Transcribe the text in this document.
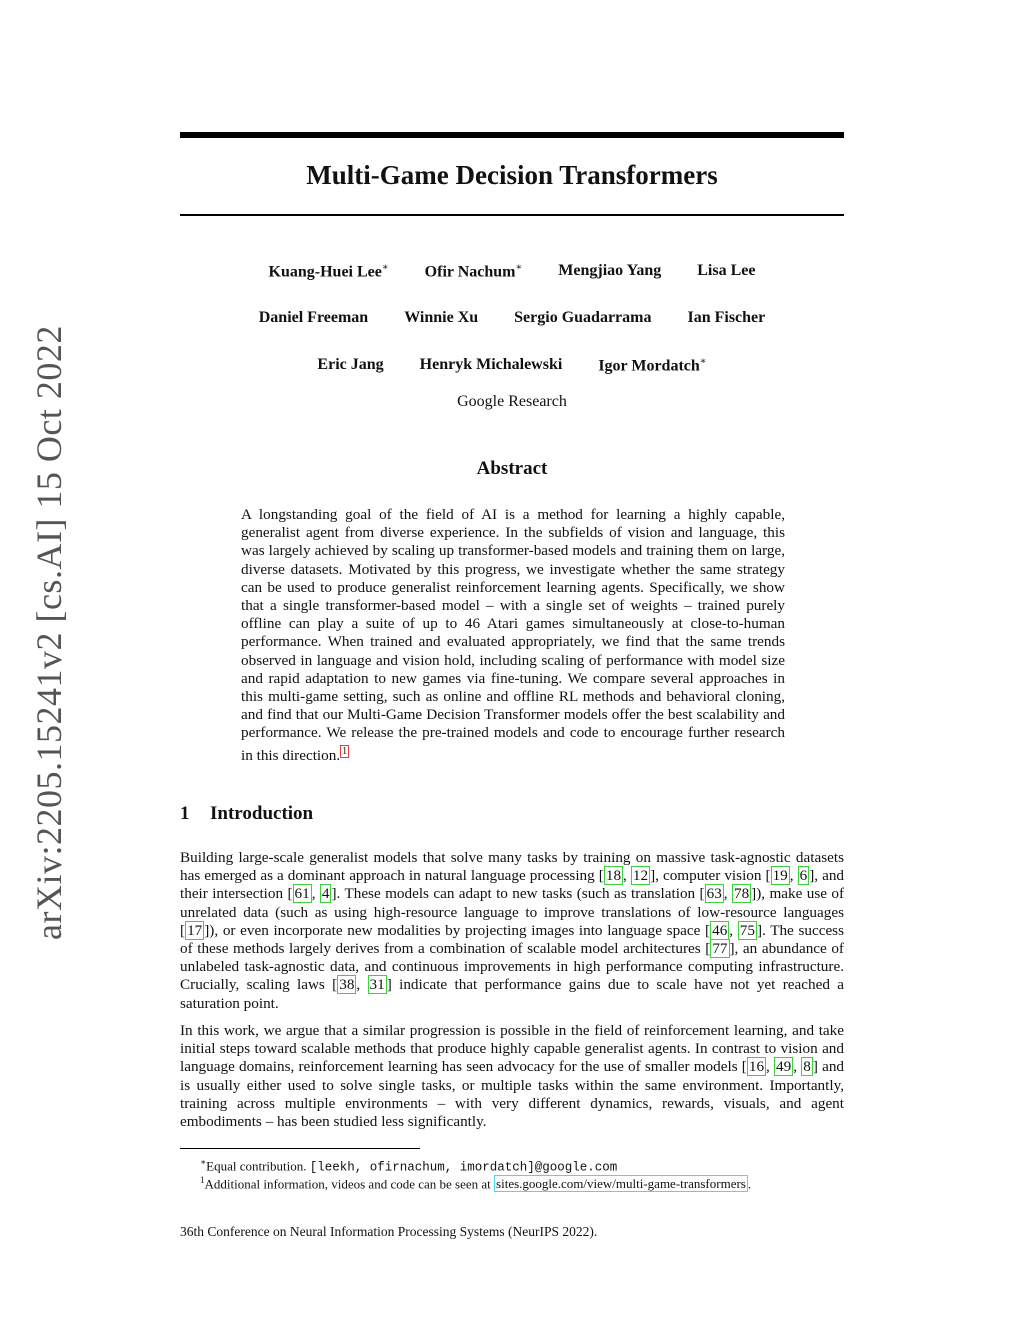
arXiv:2205.15241v2 [cs.AI] 15 Oct 2022
Multi-Game Decision Transformers
Kuang-Huei Lee∗ Ofir Nachum∗ Mengjiao Yang Lisa Lee
Daniel Freeman Winnie Xu Sergio Guadarrama Ian Fischer
Eric Jang Henryk Michalewski Igor Mordatch∗
Google Research
Abstract

A longstanding goal of the field of AI is a method for learning a highly capable, generalist agent from diverse experience. In the subfields of vision and language, this was largely achieved by scaling up transformer-based models and training them on large, diverse datasets. Motivated by this progress, we investigate whether the same strategy can be used to produce generalist reinforcement learning agents. Specifically, we show that a single transformer-based model – with a single set of weights – trained purely offline can play a suite of up to 46 Atari games simultaneously at close-to-human performance. When trained and evaluated appropriately, we find that the same trends observed in language and vision hold, including scaling of performance with model size and rapid adaptation to new games via fine-tuning. We compare several approaches in this multi-game setting, such as online and offline RL methods and behavioral cloning, and find that our Multi-Game Decision Transformer models offer the best scalability and performance. We release the pre-trained models and code to encourage further research in this direction. $^1$

1 Introduction

Building large-scale generalist models that solve many tasks by training on massive task-agnostic datasets has emerged as a dominant approach in natural language processing [ 18 , 12 ], computer vision [ 19 , 6 ], and their intersection [ 61 , 4 ]. These models can adapt to new tasks (such as translation [ 63 , 78 ]), make use of unrelated data (such as using high-resource language to improve translations of low-resource languages [ 17 ]), or even incorporate new modalities by projecting images into language space [ 46 , 75 ]. The success of these methods largely derives from a combination of scalable model architectures [ 77 ], an abundance of unlabeled task-agnostic data, and continuous improvements in high performance computing infrastructure. Crucially, scaling laws [ 38 , 31 ] indicate that performance gains due to scale have not yet reached a saturation point.

In this work, we argue that a similar progression is possible in the field of reinforcement learning, and take initial steps toward scalable methods that produce highly capable generalist agents. In contrast to vision and language domains, reinforcement learning has seen advocacy for the use of smaller models [ 16 , 49 , 8 ] and is usually either used to solve single tasks, or multiple tasks within the same environment. Importantly, training across multiple environments – with very different dynamics, rewards, visuals, and agent embodiments – has been studied less significantly.

∗Equal contribution. [leekh, ofirnachum, imordatch]@google.com
$^1$Additional information, videos and code can be seen at sites.google.com/view/multi-game-transformers .
36th Conference on Neural Information Processing Systems (NeurIPS 2022).
